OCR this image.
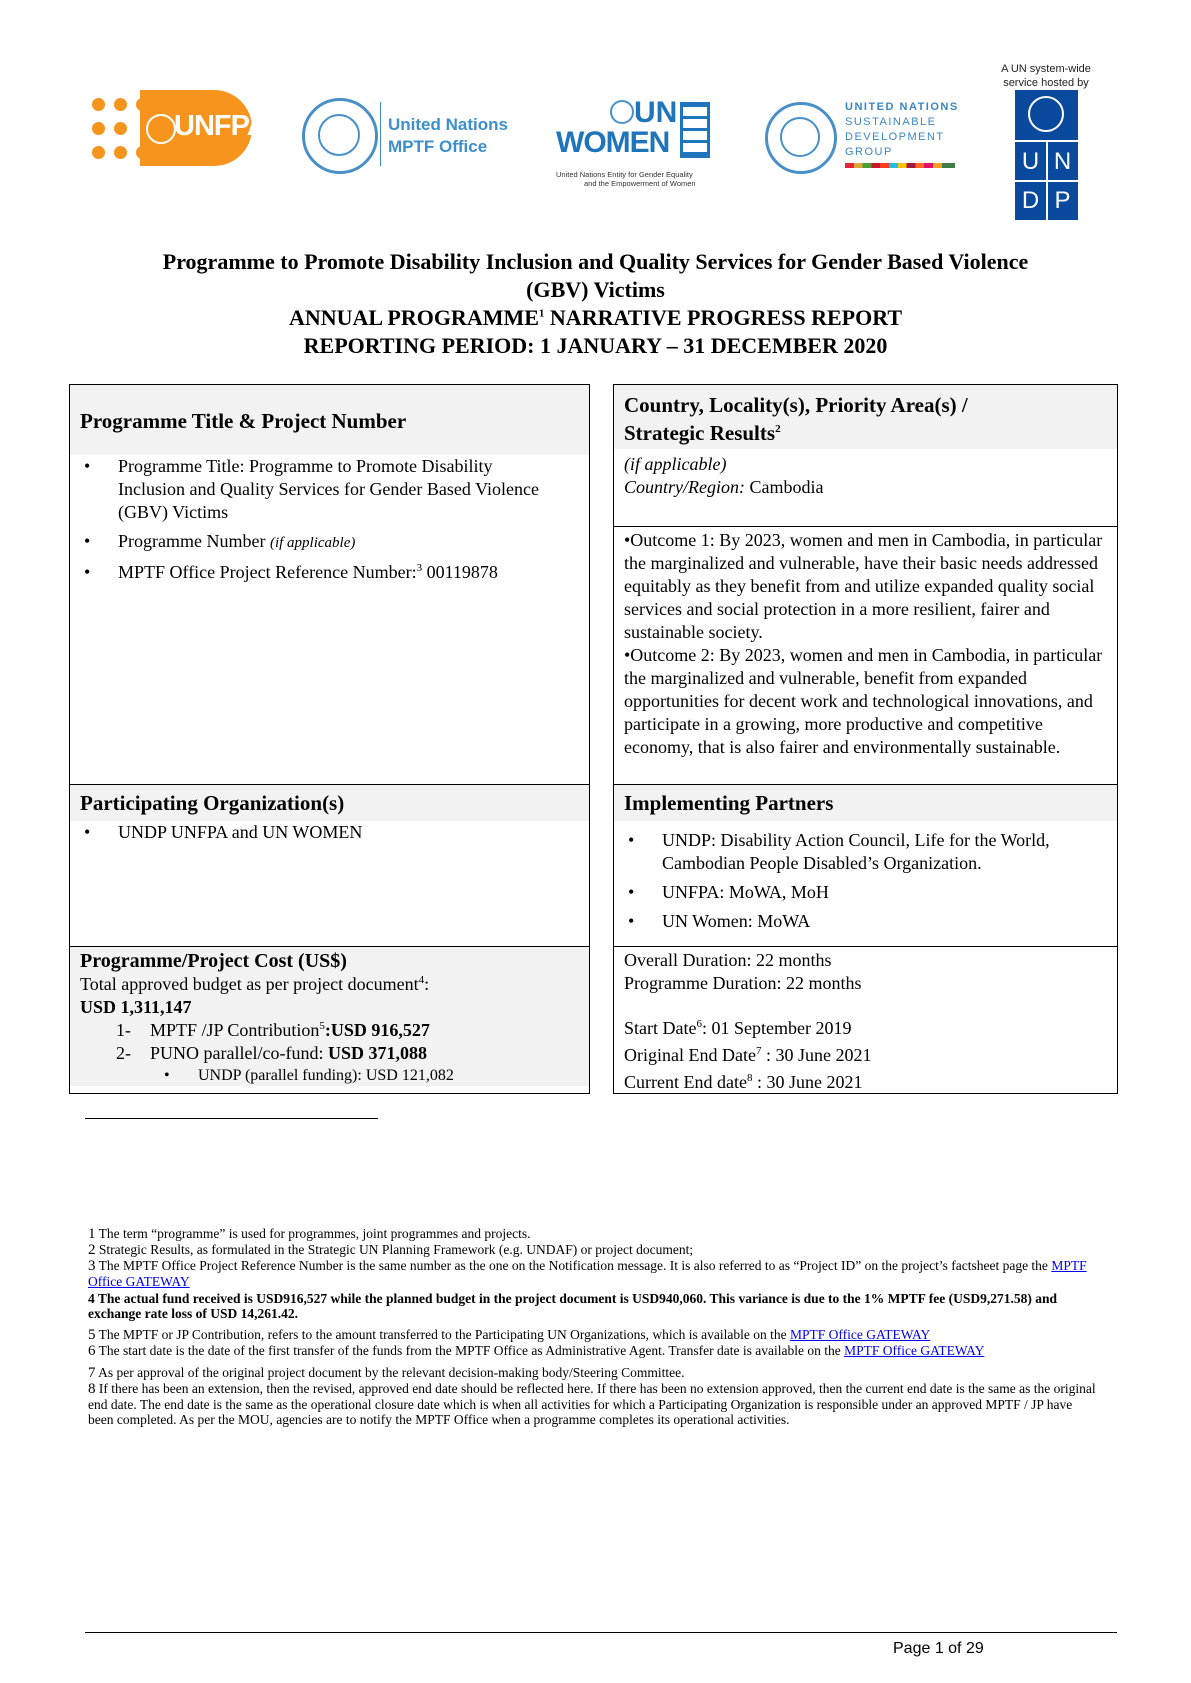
UNFPA	United Nations
MPTF Office
UN
WOMEN
United Nations Entity for Gender Equality
and the Empowerment of Women
UNITED NATIONS
SUSTAINABLE
DEVELOPMENT
GROUP
A UN system-wide
service hosted by
U N
D P
Programme to Promote Disability Inclusion and Quality Services for Gender Based Violence
(GBV) Victims
ANNUAL PROGRAMME$^1$ NARRATIVE PROGRESS REPORT
REPORTING PERIOD: 1 JANUARY – 31 DECEMBER 2020
Programme Title & Project Number
• Programme Title: Programme to Promote Disability Inclusion and Quality Services for Gender Based Violence (GBV) Victims
• Programme Number (if applicable)
• MPTF Office Project Reference Number:$^3$ 00119878
Participating Organization(s)
• UNDP UNFPA and UN WOMEN
Programme/Project Cost (US$)
Total approved budget as per project document$^4$:
USD 1,311,147
1- MPTF /JP Contribution$^5$:USD 916,527
2- PUNO parallel/co-fund: USD 371,088
• UNDP (parallel funding): USD 121,082
Country, Locality(s), Priority Area(s) /
Strategic Results$^2$
(if applicable)
Country/Region: Cambodia
•Outcome 1: By 2023, women and men in Cambodia, in particular the marginalized and vulnerable, have their basic needs addressed equitably as they benefit from and utilize expanded quality social services and social protection in a more resilient, fairer and sustainable society.
•Outcome 2: By 2023, women and men in Cambodia, in particular the marginalized and vulnerable, benefit from expanded opportunities for decent work and technological innovations, and participate in a growing, more productive and competitive economy, that is also fairer and environmentally sustainable.
Implementing Partners
• UNDP: Disability Action Council, Life for the World, Cambodian People Disabled’s Organization.
• UNFPA: MoWA, MoH
• UN Women: MoWA
Overall Duration: 22 months
Programme Duration: 22 months
Start Date$^6$: 01 September 2019
Original End Date$^7$ : 30 June 2021
Current End date$^8$ : 30 June 2021
1 The term “programme” is used for programmes, joint programmes and projects.
2 Strategic Results, as formulated in the Strategic UN Planning Framework (e.g. UNDAF) or project document;
3 The MPTF Office Project Reference Number is the same number as the one on the Notification message. It is also referred to as “Project ID” on the project’s factsheet page the MPTF Office GATEWAY
4 The actual fund received is USD916,527 while the planned budget in the project document is USD940,060. This variance is due to the 1% MPTF fee (USD9,271.58) and exchange rate loss of USD 14,261.42.
5 The MPTF or JP Contribution, refers to the amount transferred to the Participating UN Organizations, which is available on the MPTF Office GATEWAY
6 The start date is the date of the first transfer of the funds from the MPTF Office as Administrative Agent. Transfer date is available on the MPTF Office GATEWAY
7 As per approval of the original project document by the relevant decision-making body/Steering Committee.
8 If there has been an extension, then the revised, approved end date should be reflected here. If there has been no extension approved, then the current end date is the same as the original end date. The end date is the same as the operational closure date which is when all activities for which a Participating Organization is responsible under an approved MPTF / JP have been completed. As per the MOU, agencies are to notify the MPTF Office when a programme completes its operational activities.
Page 1 of 29
